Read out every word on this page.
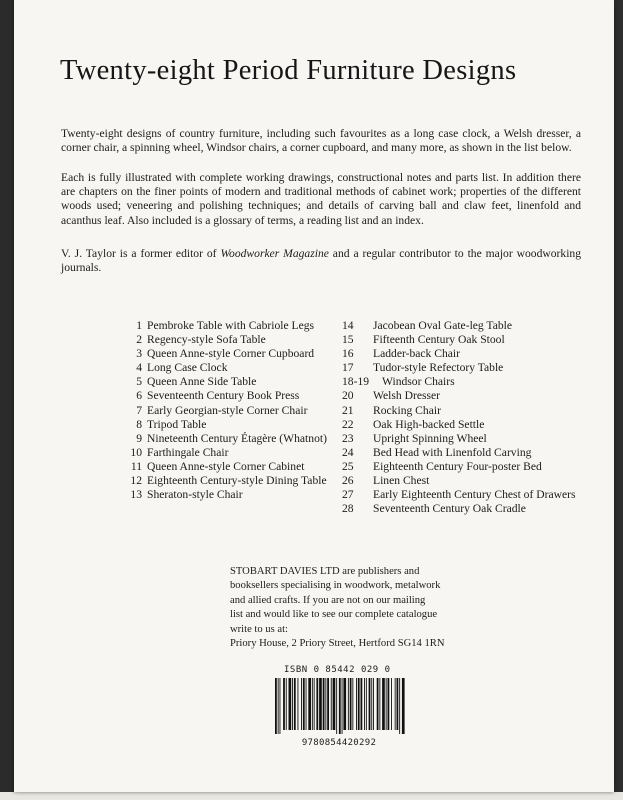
Twenty-eight Period Furniture Designs

Twenty-eight designs of country furniture, including such favourites as a long case clock, a Welsh dresser, a corner chair, a spinning wheel, Windsor chairs, a corner cupboard, and many more, as shown in the list below.

Each is fully illustrated with complete working drawings, constructional notes and parts list. In addition there are chapters on the finer points of modern and traditional methods of cabinet work; properties of the different woods used; veneering and polishing techniques; and details of carving ball and claw feet, linenfold and acanthus leaf. Also included is a glossary of terms, a reading list and an index.

V. J. Taylor is a former editor of Woodworker Magazine and a regular contributor to the major woodworking journals.

1 Pembroke Table with Cabriole Legs
2 Regency-style Sofa Table
3 Queen Anne-style Corner Cupboard
4 Long Case Clock
5 Queen Anne Side Table
6 Seventeenth Century Book Press
7 Early Georgian-style Corner Chair
8 Tripod Table
9 Nineteenth Century Étagère (Whatnot)
10 Farthingale Chair
11 Queen Anne-style Corner Cabinet
12 Eighteenth Century-style Dining Table
13 Sheraton-style Chair
14	Jacobean Oval Gate-leg Table
15	Fifteenth Century Oak Stool
16	Ladder-back Chair
17	Tudor-style Refectory Table
18-19	Windsor Chairs
20	Welsh Dresser
21	Rocking Chair
22	Oak High-backed Settle
23	Upright Spinning Wheel
24	Bed Head with Linenfold Carving
25	Eighteenth Century Four-poster Bed
26	Linen Chest
27	Early Eighteenth Century Chest of Drawers
28	Seventeenth Century Oak Cradle
STOBART DAVIES LTD are publishers and
booksellers specialising in woodwork, metalwork
and allied crafts. If you are not on our mailing
list and would like to see our complete catalogue
write to us at:
Priory House, 2 Priory Street, Hertford SG14 1RN
ISBN 0 85442 029 0
9780854420292
